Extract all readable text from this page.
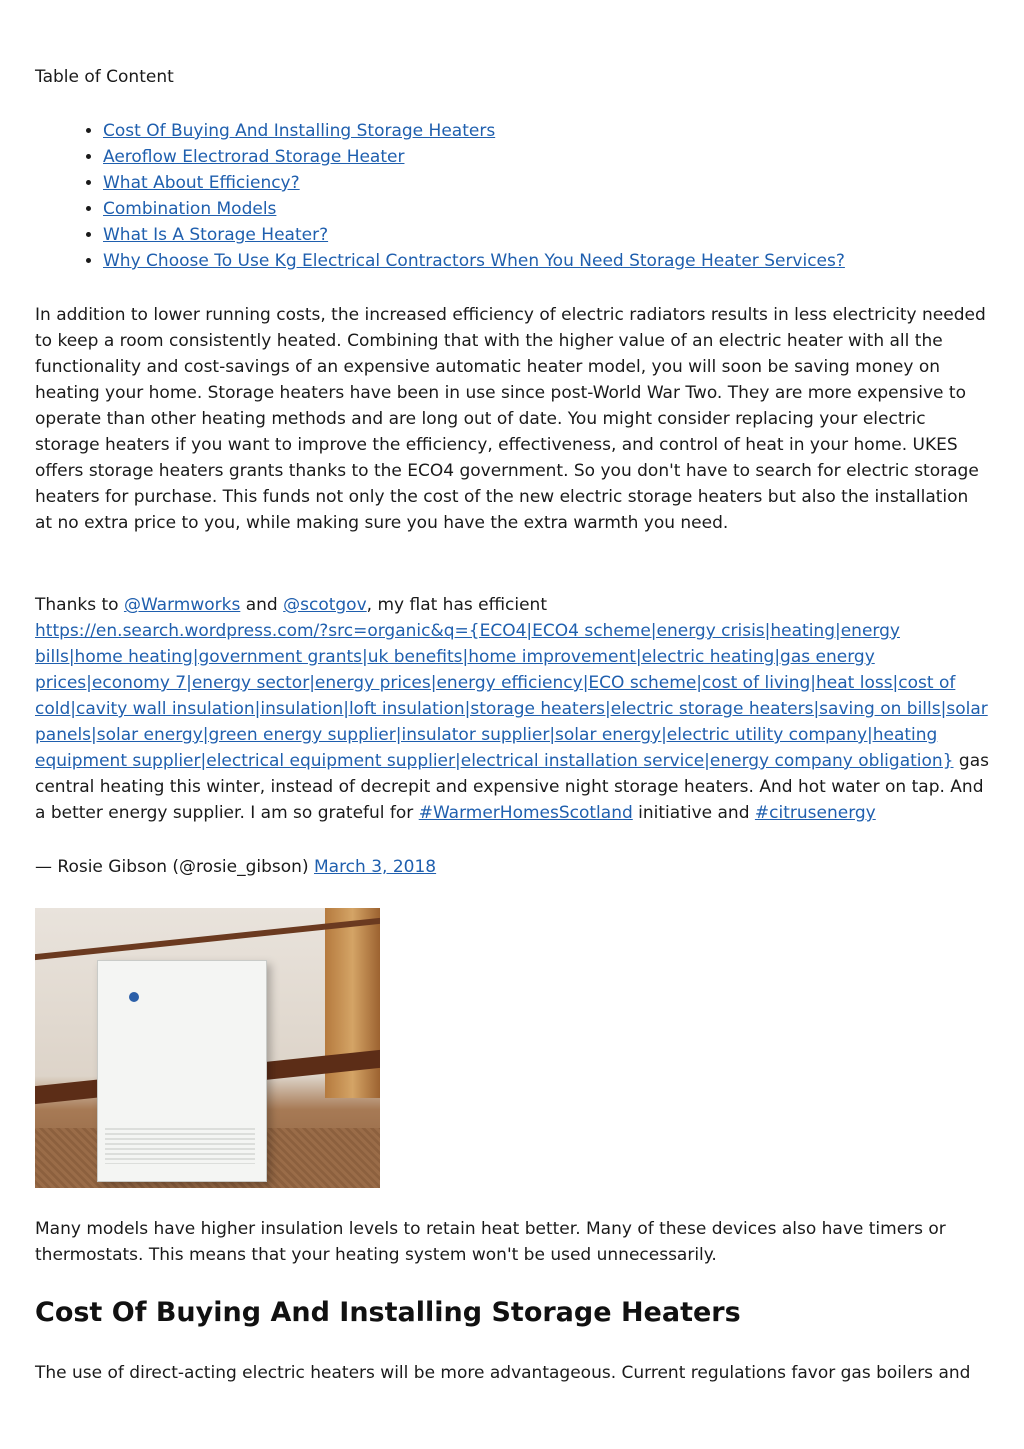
Table of Content
• Cost Of Buying And Installing Storage Heaters
• Aeroflow Electrorad Storage Heater
• What About Efficiency?
• Combination Models
• What Is A Storage Heater?
• Why Choose To Use Kg Electrical Contractors When You Need Storage Heater Services?

In addition to lower running costs, the increased efficiency of electric radiators results in less electricity needed to keep a room consistently heated. Combining that with the higher value of an electric heater with all the functionality and cost-savings of an expensive automatic heater model, you will soon be saving money on heating your home. Storage heaters have been in use since post-World War Two. They are more expensive to operate than other heating methods and are long out of date. You might consider replacing your electric storage heaters if you want to improve the efficiency, effectiveness, and control of heat in your home. UKES offers storage heaters grants thanks to the ECO4 government. So you don't have to search for electric storage heaters for purchase. This funds not only the cost of the new electric storage heaters but also the installation at no extra price to you, while making sure you have the extra warmth you need.

Thanks to @Warmworks and @scotgov, my flat has efficient
https://en.search.wordpress.com/?src=organic&q={ECO4|ECO4 scheme|energy crisis|heating|energy bills|home heating|government grants|uk benefits|home improvement|electric heating|gas energy prices|economy 7|energy sector|energy prices|energy efficiency|ECO scheme|cost of living|heat loss|cost of cold|cavity wall insulation|insulation|loft insulation|storage heaters|electric storage heaters|saving on bills|solar panels|solar energy|green energy supplier|insulator supplier|solar energy|electric utility company|heating equipment supplier|electrical equipment supplier|electrical installation service|energy company obligation} gas central heating this winter, instead of decrepit and expensive night storage heaters. And hot water on tap. And a better energy supplier. I am so grateful for #WarmerHomesScotland initiative and #citrusenergy
— Rosie Gibson (@rosie_gibson) March 3, 2018

Many models have higher insulation levels to retain heat better. Many of these devices also have timers or thermostats. This means that your heating system won't be used unnecessarily.

Cost Of Buying And Installing Storage Heaters

The use of direct-acting electric heaters will be more advantageous. Current regulations favor gas boilers and
